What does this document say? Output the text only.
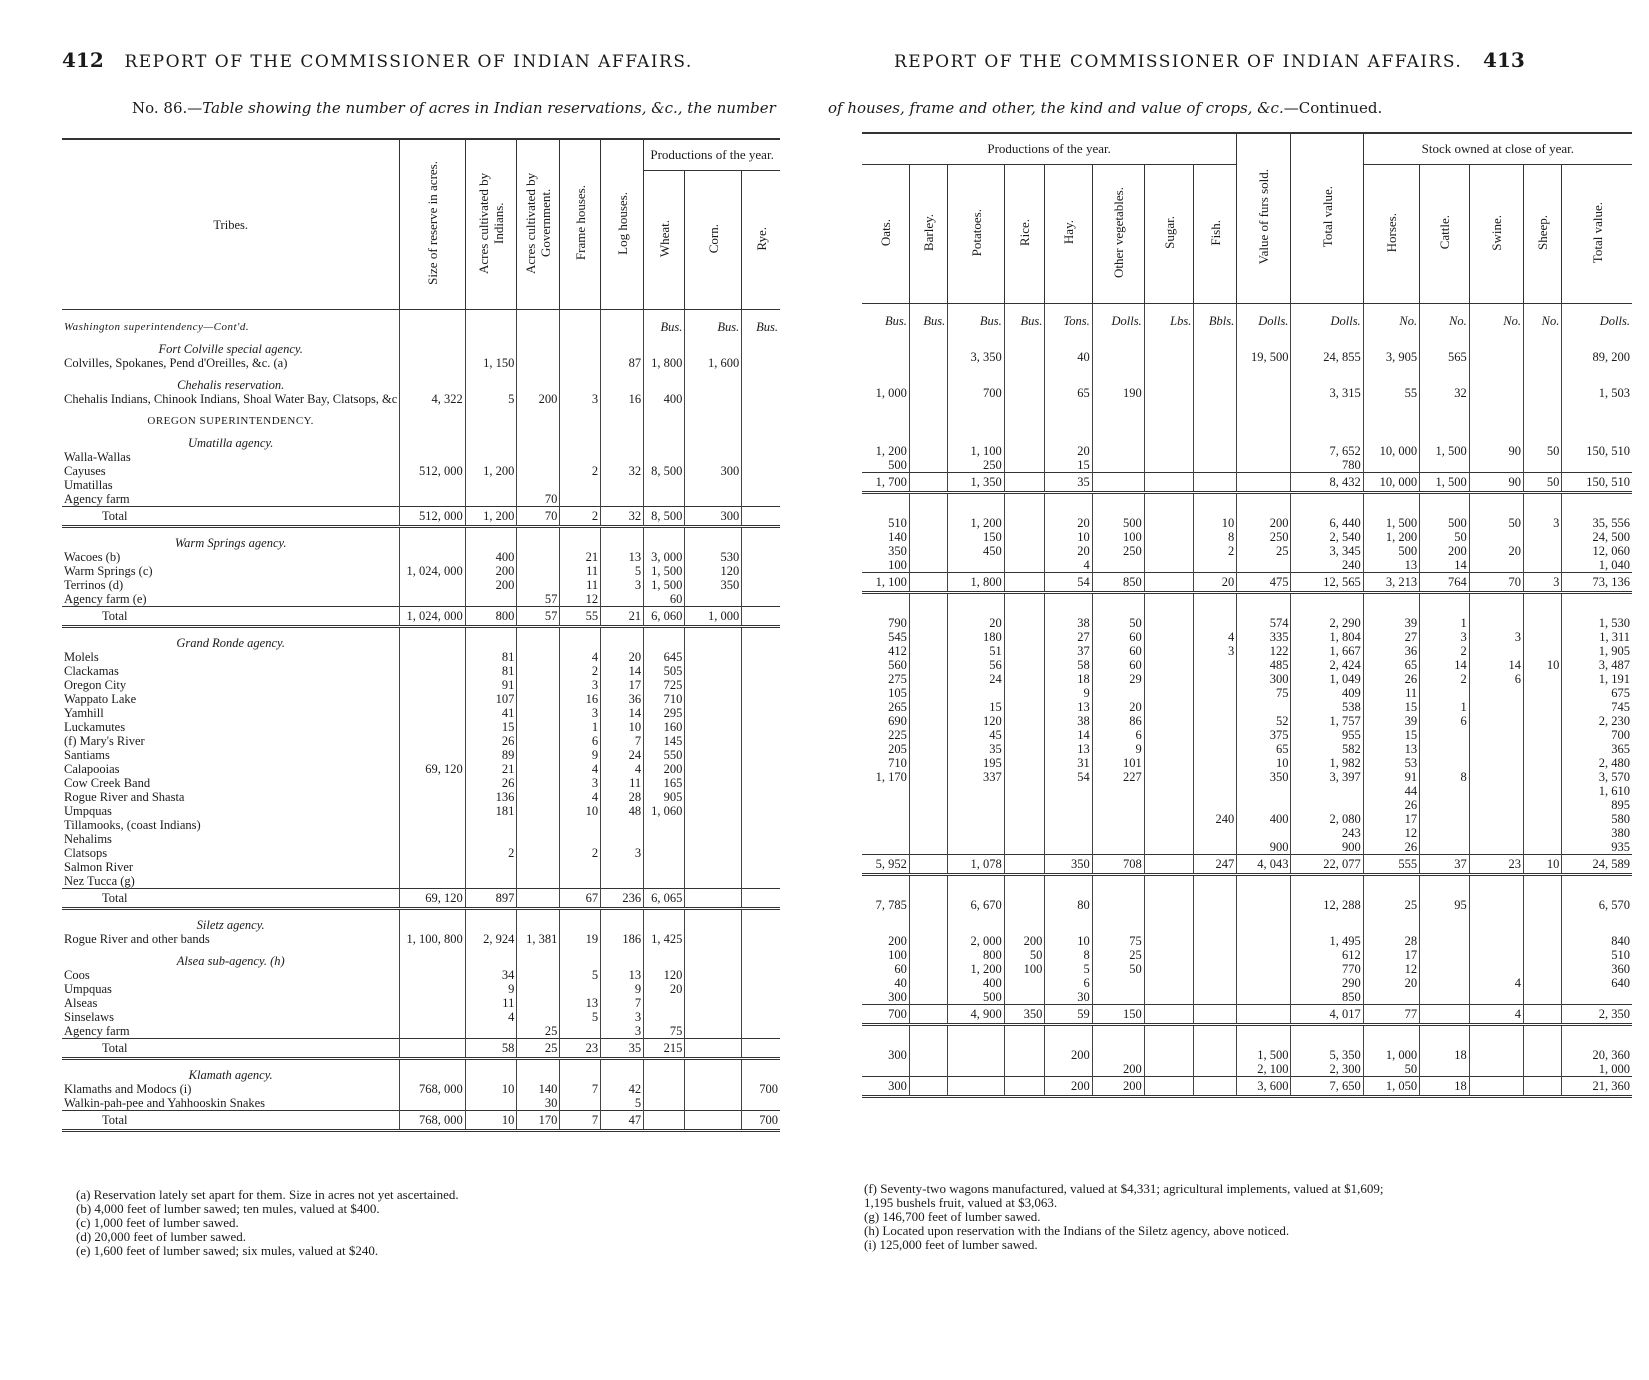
412 REPORT OF THE COMMISSIONER OF INDIAN AFFAIRS.
No. 86.—Table showing the number of acres in Indian reservations, &c., the number
Tribes.	Size of reserve in acres.	Acres cultivated by Indians.	Acres cultivated by Government.	Frame houses.	Log houses.	Productions of the year.		
						Wheat.	Corn.	Rye.
Washington superintendency—Cont'd.						Bus.	Bus.	Bus.
Fort Colville special agency.								
Colvilles, Spokanes, Pend d'Oreilles, &c. (a)		1, 150			87	1, 800	1, 600	
Chehalis reservation.								
Chehalis Indians, Chinook Indians, Shoal Water Bay, Clatsops, &c	4, 322	5	200	3	16	400		
OREGON SUPERINTENDENCY.								
Umatilla agency.								
Walla-Wallas								
Cayuses	512, 000	1, 200		2	32	8, 500	300	
Umatillas								
Agency farm			70					
Total	512, 000	1, 200	70	2	32	8, 500	300	
Warm Springs agency.								
Wacoes (b)		400		21	13	3, 000	530	
Warm Springs (c)	1, 024, 000	200		11	5	1, 500	120	
Terrinos (d)		200		11	3	1, 500	350	
Agency farm (e)			57	12		60		
Total	1, 024, 000	800	57	55	21	6, 060	1, 000	
Grand Ronde agency.								
Molels		81		4	20	645		
Clackamas		81		2	14	505		
Oregon City		91		3	17	725		
Wappato Lake		107		16	36	710		
Yamhill		41		3	14	295		
Luckamutes		15		1	10	160		
(f) Mary's River		26		6	7	145		
Santiams		89		9	24	550		
Calapooias	69, 120	21		4	4	200		
Cow Creek Band		26		3	11	165		
Rogue River and Shasta		136		4	28	905		
Umpquas		181		10	48	1, 060		
Tillamooks, (coast Indians)								
Nehalims								
Clatsops		2		2	3			
Salmon River								
Nez Tucca (g)								
Total	69, 120	897		67	236	6, 065		
Siletz agency.								
Rogue River and other bands	1, 100, 800	2, 924	1, 381	19	186	1, 425		
Alsea sub-agency. (h)								
Coos		34		5	13	120		
Umpquas		9			9	20		
Alseas		11		13	7			
Sinselaws		4		5	3			
Agency farm			25		3	75		
Total		58	25	23	35	215		
Klamath agency.								
Klamaths and Modocs (i)	768, 000	10	140	7	42			700
Walkin-pah-pee and Yahhooskin Snakes			30		5			
Total	768, 000	10	170	7	47			700
(a) Reservation lately set apart for them. Size in acres not yet ascertained.
(b) 4,000 feet of lumber sawed; ten mules, valued at $400.
(c) 1,000 feet of lumber sawed.
(d) 20,000 feet of lumber sawed.
(e) 1,600 feet of lumber sawed; six mules, valued at $240.
REPORT OF THE COMMISSIONER OF INDIAN AFFAIRS. 413
of houses, frame and other, the kind and value of crops, &c.—Continued.
Productions of the year.								Value of furs sold.	Total value.	Stock owned at close of year.				
Oats.	Barley.	Potatoes.	Rice.	Hay.	Other vegetables.	Sugar.	Fish.			Horses.	Cattle.	Swine.	Sheep.	Total value.
Bus.	Bus.	Bus.	Bus.	Tons.	Dolls.	Lbs.	Bbls.	Dolls.	Dolls.	No.	No.	No.	No.	Dolls.

		3, 350		40				19, 500	24, 855	3, 905	565			89, 200

1, 000		700		65	190				3, 315	55	32			1, 503

1, 200		1, 100		20					7, 652	10, 000	1, 500	90	50	150, 510

500		250		15					780					
1, 700		1, 350		35					8, 432	10, 000	1, 500	90	50	150, 510

510		1, 200		20	500		10	200	6, 440	1, 500	500	50	3	35, 556
140		150		10	100		8	250	2, 540	1, 200	50			24, 500
350		450		20	250		2	25	3, 345	500	200	20		12, 060
100				4					240	13	14			1, 040
1, 100		1, 800		54	850		20	475	12, 565	3, 213	764	70	3	73, 136

790		20		38	50			574	2, 290	39	1			1, 530
545		180		27	60		4	335	1, 804	27	3	3		1, 311
412		51		37	60		3	122	1, 667	36	2			1, 905
560		56		58	60			485	2, 424	65	14	14	10	3, 487
275		24		18	29			300	1, 049	26	2	6		1, 191
105				9				75	409	11				675
265		15		13	20				538	15	1			745
690		120		38	86			52	1, 757	39	6			2, 230
225		45		14	6			375	955	15				700
205		35		13	9			65	582	13				365
710		195		31	101			10	1, 982	53				2, 480
1, 170		337		54	227			350	3, 397	91	8			3, 570
										44				1, 610
										26				895
							240	400	2, 080	17				580
									243	12				380
								900	900	26				935
5, 952		1, 078		350	708		247	4, 043	22, 077	555	37	23	10	24, 589

7, 785		6, 670		80					12, 288	25	95			6, 570

200		2, 000	200	10	75				1, 495	28				840
100		800	50	8	25				612	17				510
60		1, 200	100	5	50				770	12				360
40		400		6					290	20		4		640
300		500		30					850					
700		4, 900	350	59	150				4, 017	77		4		2, 350

300				200				1, 500	5, 350	1, 000	18			20, 360
					200			2, 100	2, 300	50				1, 000
300				200	200			3, 600	7, 650	1, 050	18			21, 360
(f) Seventy-two wagons manufactured, valued at $4,331; agricultural implements, valued at $1,609;
1,195 bushels fruit, valued at $3,063.
(g) 146,700 feet of lumber sawed.
(h) Located upon reservation with the Indians of the Siletz agency, above noticed.
(i) 125,000 feet of lumber sawed.
